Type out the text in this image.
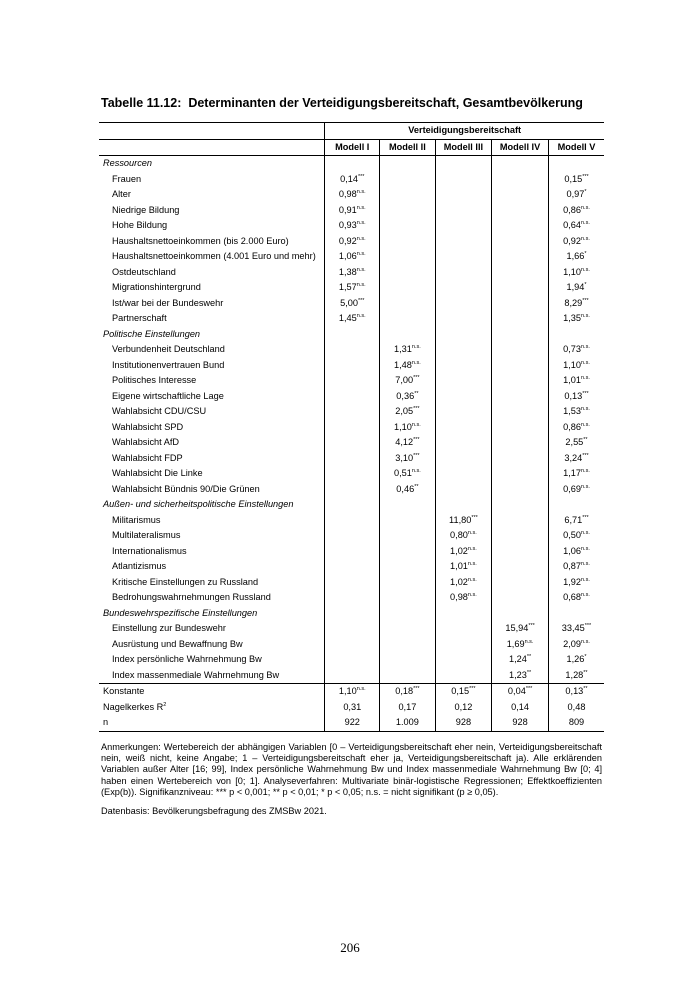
Tabelle 11.12:  Determinanten der Verteidigungsbereitschaft, Gesamtbevölkerung
	Verteidigungsbereitschaft				
	Modell I	Modell II	Modell III	Modell IV	Modell V
Ressourcen					
Frauen	0,14***				0,15***
Alter	$0,98^{n.s.}$				0,97*
Niedrige Bildung	$0,91^{n.s.}$				$0,86^{n.s.}$
Hohe Bildung	$0,93^{n.s.}$				$0,64^{n.s.}$
Haushaltsnettoeinkommen (bis 2.000 Euro)	$0,92^{n.s.}$				$0,92^{n.s.}$
Haushaltsnettoeinkommen (4.001 Euro und mehr)	$1,06^{n.s.}$				1,66*
Ostdeutschland	$1,38^{n.s.}$				$1,10^{n.s.}$
Migrationshintergrund	$1,57^{n.s.}$				1,94*
Ist/war bei der Bundeswehr	5,00***				8,29***
Partnerschaft	$1,45^{n.s.}$				$1,35^{n.s.}$
Politische Einstellungen					
Verbundenheit Deutschland		$1,31^{n.s.}$			$0,73^{n.s.}$
Institutionenvertrauen Bund		$1,48^{n.s.}$			$1,10^{n.s.}$
Politisches Interesse		7,00***			$1,01^{n.s.}$
Eigene wirtschaftliche Lage		0,36**			0,13***
Wahlabsicht CDU/CSU		2,05***			$1,53^{n.s.}$
Wahlabsicht SPD		$1,10^{n.s.}$			$0,86^{n.s.}$
Wahlabsicht AfD		4,12***			2,55**
Wahlabsicht FDP		3,10***			3,24***
Wahlabsicht Die Linke		$0,51^{n.s.}$			$1,17^{n.s.}$
Wahlabsicht Bündnis 90/Die Grünen		0,46**			$0,69^{n.s.}$
Außen- und sicherheitspolitische Einstellungen					
Militarismus			11,80***		6,71***
Multilateralismus			$0,80^{n.s.}$		$0,50^{n.s.}$
Internationalismus			$1,02^{n.s.}$		$1,06^{n.s.}$
Atlantizismus			$1,01^{n.s.}$		$0,87^{n.s.}$
Kritische Einstellungen zu Russland			$1,02^{n.s.}$		$1,92^{n.s.}$
Bedrohungswahrnehmungen Russland			$0,98^{n.s.}$		$0,68^{n.s.}$
Bundeswehrspezifische Einstellungen					
Einstellung zur Bundeswehr				15,94***	33,45***
Ausrüstung und Bewaffnung Bw				$1,69^{n.s.}$	$2,09^{n.s.}$
Index persönliche Wahrnehmung Bw				1,24**	1,26*
Index massenmediale Wahrnehmung Bw				1,23**	1,28**
Konstante	$1,10^{n.s.}$	0,18***	0,15***	0,04***	0,13**
Nagelkerkes $R^2$	0,31	0,17	0,12	0,14	0,48
n	922	1.009	928	928	809
Anmerkungen: Wertebereich der abhängigen Variablen [0 – Verteidigungsbereitschaft eher nein, Verteidigungsbereitschaft nein, weiß nicht, keine Angabe; 1 – Verteidigungsbereitschaft eher ja, Verteidigungsbereitschaft ja). Alle erklärenden Variablen außer Alter [16; 99], Index persönliche Wahrnehmung Bw und Index massenmediale Wahrnehmung Bw [0; 4] haben einen Wertebereich von [0; 1]. Analyseverfahren: Multivariate binär-logistische Regressionen; Effektkoeffizienten (Exp(b)). Signifikanzniveau: *** p < 0,001; ** p < 0,01; * p < 0,05; n.s. = nicht signifikant (p ≥ 0,05).
Datenbasis: Bevölkerungsbefragung des ZMSBw 2021.
206
